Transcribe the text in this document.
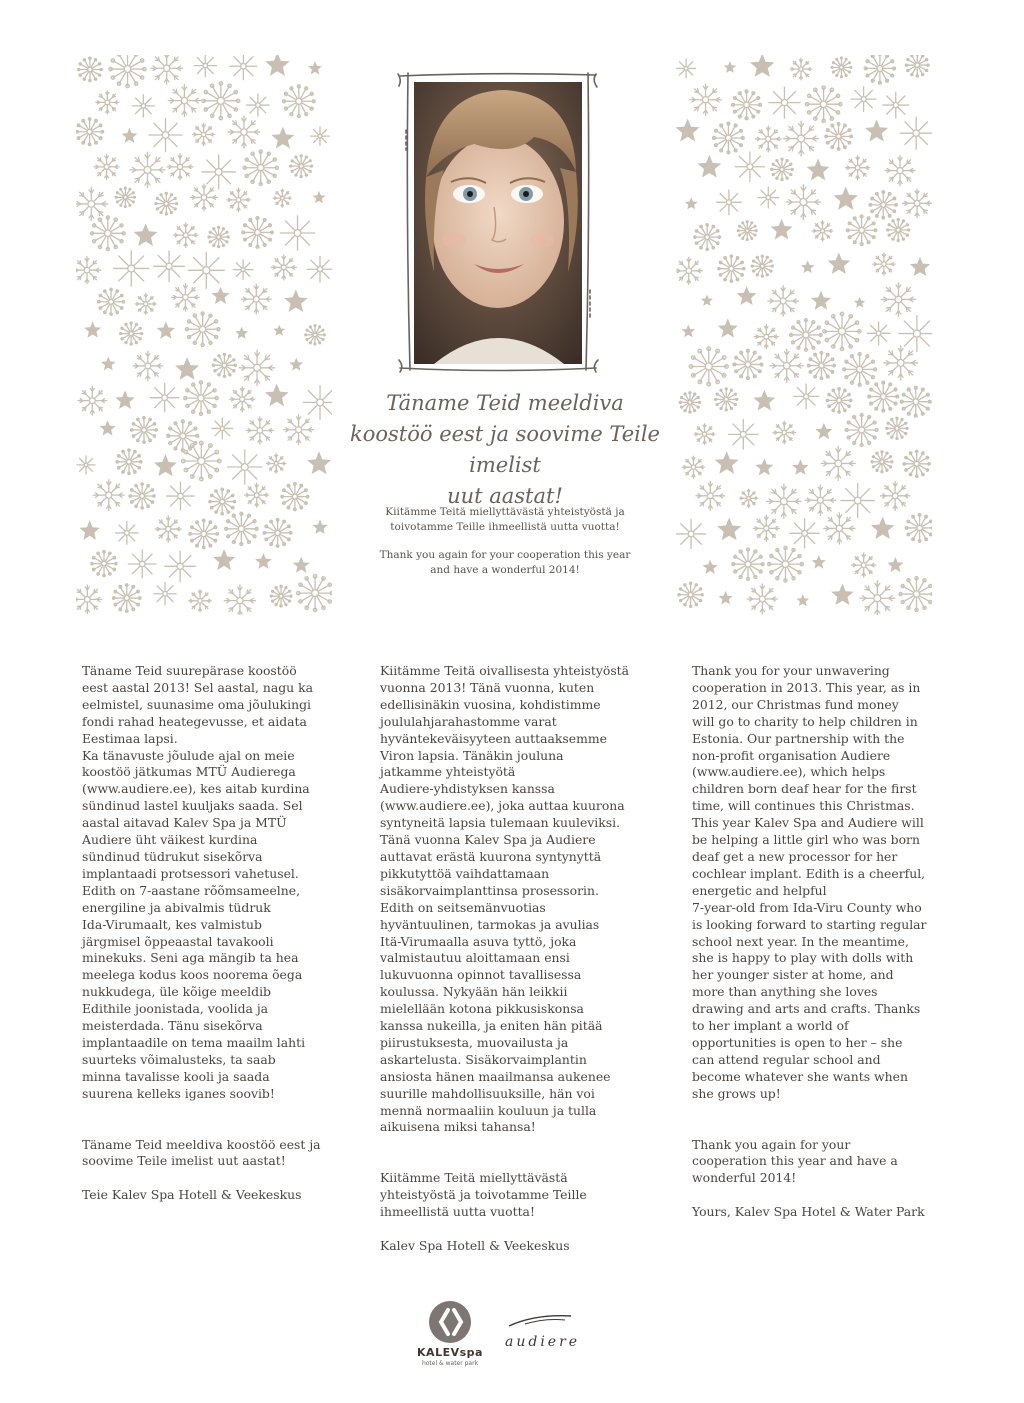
Täname Teid meeldiva
koostöö eest ja soovime Teile imelist
uut aastat!

Kiitämme Teitä miellyttävästä yhteistyöstä ja
toivotamme Teille ihmeellistä uutta vuotta!

Thank you again for your cooperation this year
and have a wonderful 2014!

Täname Teid suurepärase koostöö
eest aastal 2013! Sel aastal, nagu ka
eelmistel, suunasime oma jõulukingi
fondi rahad heategevusse, et aidata
Eestimaa lapsi.
Ka tänavuste jõulude ajal on meie
koostöö jätkumas MTÜ Audierega
(www.audiere.ee), kes aitab kurdina
sündinud lastel kuuljaks saada. Sel
aastal aitavad Kalev Spa ja MTÜ
Audiere üht väikest kurdina
sündinud tüdrukut sisekõrva
implantaadi protsessori vahetusel.
Edith on 7-aastane rõõmsameelne,
energiline ja abivalmis tüdruk
Ida-Virumaalt, kes valmistub
järgmisel õppeaastal tavakooli
minekuks. Seni aga mängib ta hea
meelega kodus koos noorema õega
nukkudega, üle kõige meeldib
Edithile joonistada, voolida ja
meisterdada. Tänu sisekõrva
implantaadile on tema maailm lahti
suurteks võimalusteks, ta saab
minna tavalisse kooli ja saada
suurena kelleks iganes soovib!

Täname Teid meeldiva koostöö eest ja
soovime Teile imelist uut aastat!

Teie Kalev Spa Hotell & Veekeskus

Kiitämme Teitä oivallisesta yhteistyöstä
vuonna 2013! Tänä vuonna, kuten
edellisinäkin vuosina, kohdistimme
joululahjarahastomme varat
hyväntekeväisyyteen auttaaksemme
Viron lapsia. Tänäkin jouluna
jatkamme yhteistyötä
Audiere-yhdistyksen kanssa
(www.audiere.ee), joka auttaa kuurona
syntyneitä lapsia tulemaan kuuleviksi.
Tänä vuonna Kalev Spa ja Audiere
auttavat erästä kuurona syntynyttä
pikkutyttöä vaihdattamaan
sisäkorvaimplanttinsa prosessorin.
Edith on seitsemänvuotias
hyväntuulinen, tarmokas ja avulias
Itä-Virumaalla asuva tyttö, joka
valmistautuu aloittamaan ensi
lukuvuonna opinnot tavallisessa
koulussa. Nykyään hän leikkii
mielellään kotona pikkusiskonsa
kanssa nukeilla, ja eniten hän pitää
piirustuksesta, muovailusta ja
askartelusta. Sisäkorvaimplantin
ansiosta hänen maailmansa aukenee
suurille mahdollisuuksille, hän voi
mennä normaaliin kouluun ja tulla
aikuisena miksi tahansa!

Kiitämme Teitä miellyttävästä
yhteistyöstä ja toivotamme Teille
ihmeellistä uutta vuotta!

Kalev Spa Hotell & Veekeskus

Thank you for your unwavering
cooperation in 2013. This year, as in
2012, our Christmas fund money
will go to charity to help children in
Estonia. Our partnership with the
non-profit organisation Audiere
(www.audiere.ee), which helps
children born deaf hear for the first
time, will continues this Christmas.
This year Kalev Spa and Audiere will
be helping a little girl who was born
deaf get a new processor for her
cochlear implant. Edith is a cheerful,
energetic and helpful
7-year-old from Ida-Viru County who
is looking forward to starting regular
school next year. In the meantime,
she is happy to play with dolls with
her younger sister at home, and
more than anything she loves
drawing and arts and crafts. Thanks
to her implant a world of
opportunities is open to her – she
can attend regular school and
become whatever she wants when
she grows up!

Thank you again for your
cooperation this year and have a
wonderful 2014!

Yours, Kalev Spa Hotel & Water Park

KALEVspa
hotel & water park
audiere
